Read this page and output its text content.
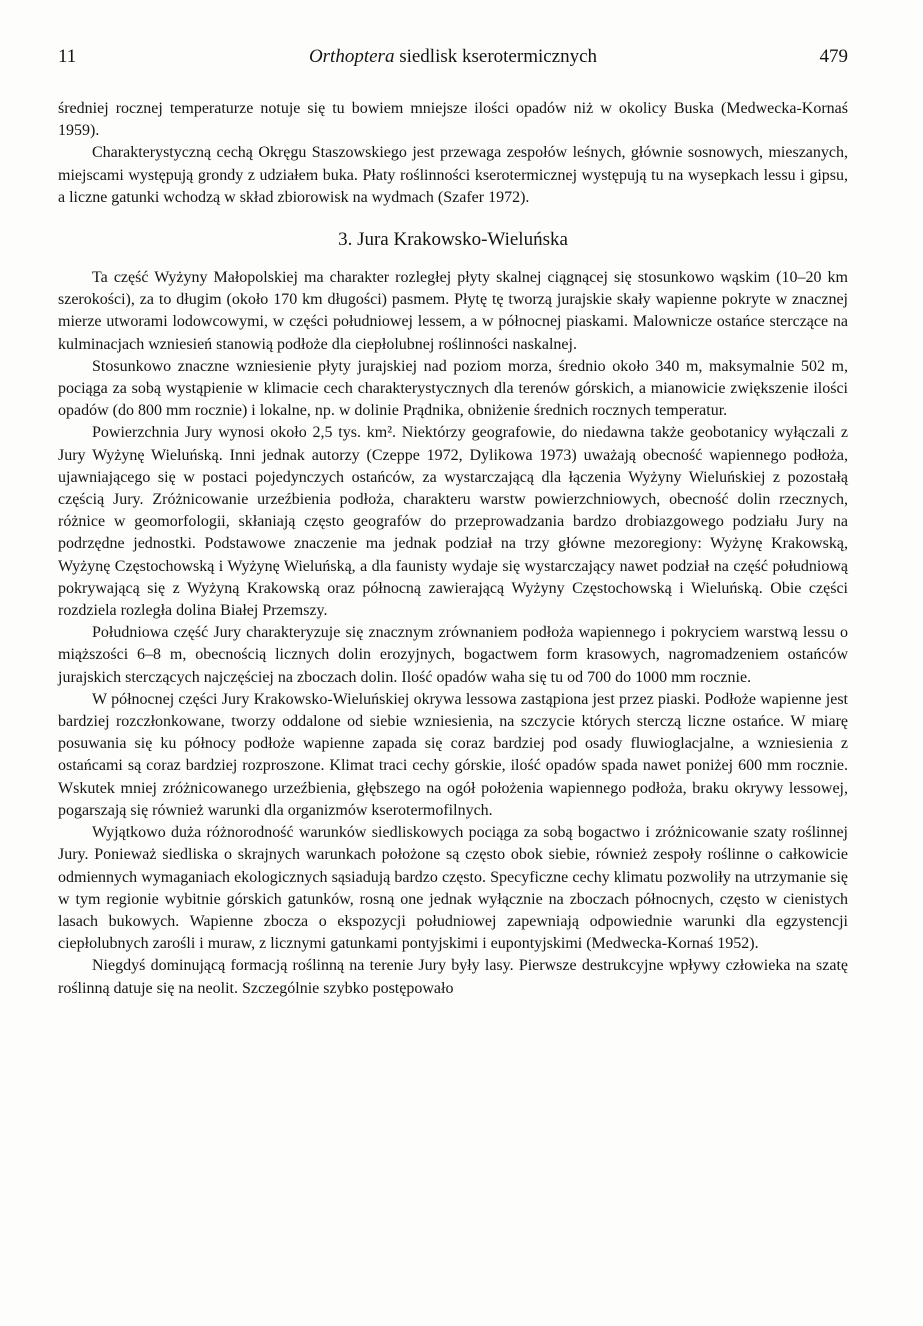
11	Orthoptera siedlisk kserotermicznych	479

średniej rocznej temperaturze notuje się tu bowiem mniejsze ilości opadów niż w okolicy Buska (Medwecka-Kornaś 1959).

Charakterystyczną cechą Okręgu Staszowskiego jest przewaga zespołów leśnych, głównie sosnowych, mieszanych, miejscami występują grondy z udziałem buka. Płaty roślinności kserotermicznej występują tu na wysepkach lessu i gipsu, a liczne gatunki wchodzą w skład zbiorowisk na wydmach (Szafer 1972).

3. Jura Krakowsko-Wieluńska

Ta część Wyżyny Małopolskiej ma charakter rozległej płyty skalnej ciągnącej się stosunkowo wąskim (10–20 km szerokości), za to długim (około 170 km długości) pasmem. Płytę tę tworzą jurajskie skały wapienne pokryte w znacznej mierze utworami lodowcowymi, w części południowej lessem, a w północnej piaskami. Malownicze ostańce sterczące na kulminacjach wzniesień stanowią podłoże dla ciepłolubnej roślinności naskalnej.

Stosunkowo znaczne wzniesienie płyty jurajskiej nad poziom morza, średnio około 340 m, maksymalnie 502 m, pociąga za sobą wystąpienie w klimacie cech charakterystycznych dla terenów górskich, a mianowicie zwiększenie ilości opadów (do 800 mm rocznie) i lokalne, np. w dolinie Prądnika, obniżenie średnich rocznych temperatur.

Powierzchnia Jury wynosi około 2,5 tys. km². Niektórzy geografowie, do niedawna także geobotanicy wyłączali z Jury Wyżynę Wieluńską. Inni jednak autorzy (Czeppe 1972, Dylikowa 1973) uważają obecność wapiennego podłoża, ujawniającego się w postaci pojedynczych ostańców, za wystarczającą dla łączenia Wyżyny Wieluńskiej z pozostałą częścią Jury. Zróżnicowanie urzeźbienia podłoża, charakteru warstw powierzchniowych, obecność dolin rzecznych, różnice w geomorfologii, skłaniają często geografów do przeprowadzania bardzo drobiazgowego podziału Jury na podrzędne jednostki. Podstawowe znaczenie ma jednak podział na trzy główne mezoregiony: Wyżynę Krakowską, Wyżynę Częstochowską i Wyżynę Wieluńską, a dla faunisty wydaje się wystarczający nawet podział na część południową pokrywającą się z Wyżyną Krakowską oraz północną zawierającą Wyżyny Częstochowską i Wieluńską. Obie części rozdziela rozległa dolina Białej Przemszy.

Południowa część Jury charakteryzuje się znacznym zrównaniem podłoża wapiennego i pokryciem warstwą lessu o miąższości 6–8 m, obecnością licznych dolin erozyjnych, bogactwem form krasowych, nagromadzeniem ostańców jurajskich sterczących najczęściej na zboczach dolin. Ilość opadów waha się tu od 700 do 1000 mm rocznie.

W północnej części Jury Krakowsko-Wieluńskiej okrywa lessowa zastąpiona jest przez piaski. Podłoże wapienne jest bardziej rozczłonkowane, tworzy oddalone od siebie wzniesienia, na szczycie których sterczą liczne ostańce. W miarę posuwania się ku północy podłoże wapienne zapada się coraz bardziej pod osady fluwioglacjalne, a wzniesienia z ostańcami są coraz bardziej rozproszone. Klimat traci cechy górskie, ilość opadów spada nawet poniżej 600 mm rocznie. Wskutek mniej zróżnicowanego urzeźbienia, głębszego na ogół położenia wapiennego podłoża, braku okrywy lessowej, pogarszają się również warunki dla organizmów kserotermofilnych.

Wyjątkowo duża różnorodność warunków siedliskowych pociąga za sobą bogactwo i zróżnicowanie szaty roślinnej Jury. Ponieważ siedliska o skrajnych warunkach położone są często obok siebie, również zespoły roślinne o całkowicie odmiennych wymaganiach ekologicznych sąsiadują bardzo często. Specyficzne cechy klimatu pozwoliły na utrzymanie się w tym regionie wybitnie górskich gatunków, rosną one jednak wyłącznie na zboczach północnych, często w cienistych lasach bukowych. Wapienne zbocza o ekspozycji południowej zapewniają odpowiednie warunki dla egzystencji ciepłolubnych zarośli i muraw, z licznymi gatunkami pontyjskimi i eupontyjskimi (Medwecka-Kornaś 1952).

Niegdyś dominującą formacją roślinną na terenie Jury były lasy. Pierwsze destrukcyjne wpływy człowieka na szatę roślinną datuje się na neolit. Szczególnie szybko postępowało
